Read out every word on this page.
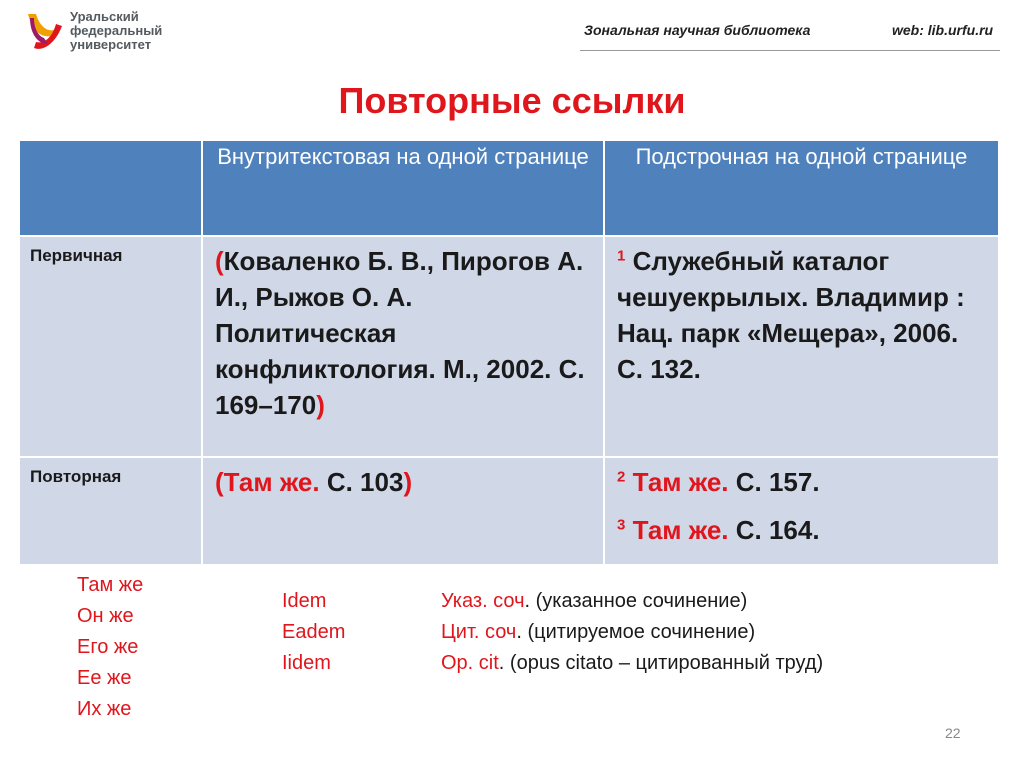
Уральский
федеральный
университет
Зональная научная библиотека	web: lib.urfu.ru
Повторные ссылки
	Внутритекстовая на одной странице	Подстрочная на одной странице
Первичная	(Коваленко Б. В., Пирогов А. И., Рыжов О. А. Политическая конфликтология. М., 2002. С. 169–170)	$^1$ Служебный каталог чешуекрылых. Владимир : Нац. парк «Мещера», 2006. С. 132.

Повторная	(Там же. С. 103)	$^2$ Там же. С. 157.
$^3$ Там же. С. 164.
Там же
Он же
Его же
Ее же
Их же
Idem
Eadem
Iidem
Указ. соч. (указанное сочинение)
Цит. соч. (цитируемое сочинение)
Op. cit. (opus citato – цитированный труд)
22
